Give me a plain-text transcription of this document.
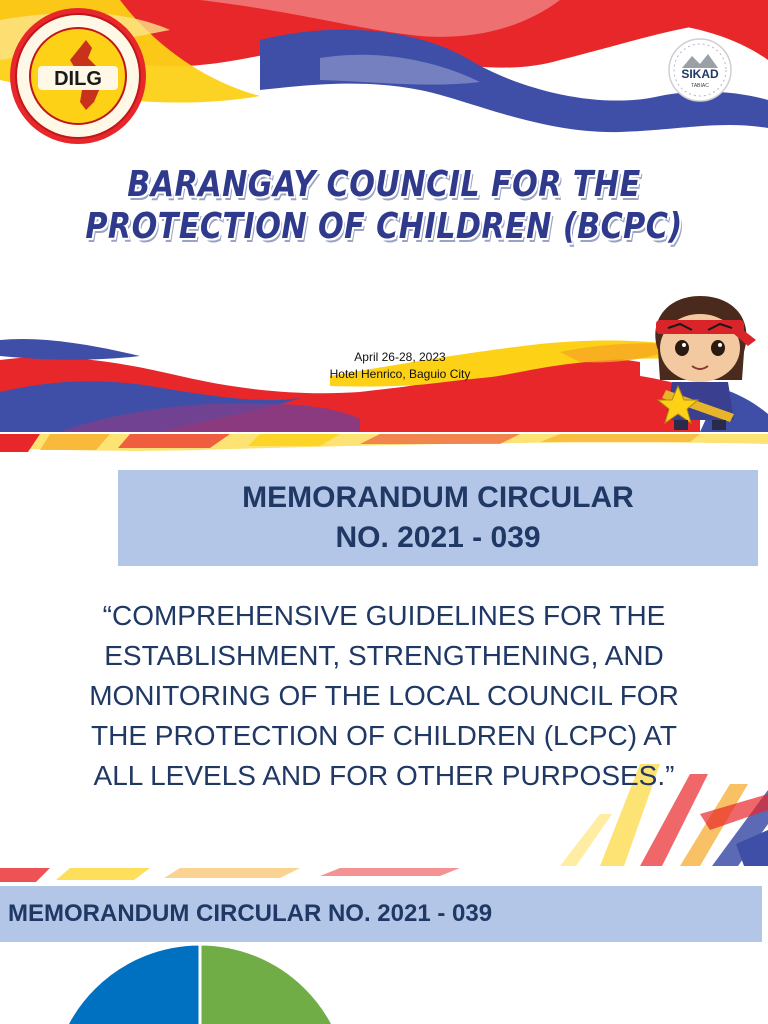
DILG	SIKAD
TABIAC
BARANGAY COUNCIL FOR THE
PROTECTION OF CHILDREN (BCPC)
April 26-28, 2023
Hotel Henrico, Baguio City
MEMORANDUM CIRCULAR
NO. 2021 - 039
“COMPREHENSIVE GUIDELINES FOR THE
ESTABLISHMENT, STRENGTHENING, AND
MONITORING OF THE LOCAL COUNCIL FOR
THE PROTECTION OF CHILDREN (LCPC) AT
ALL LEVELS AND FOR OTHER PURPOSES.”
MEMORANDUM CIRCULAR NO. 2021 - 039
